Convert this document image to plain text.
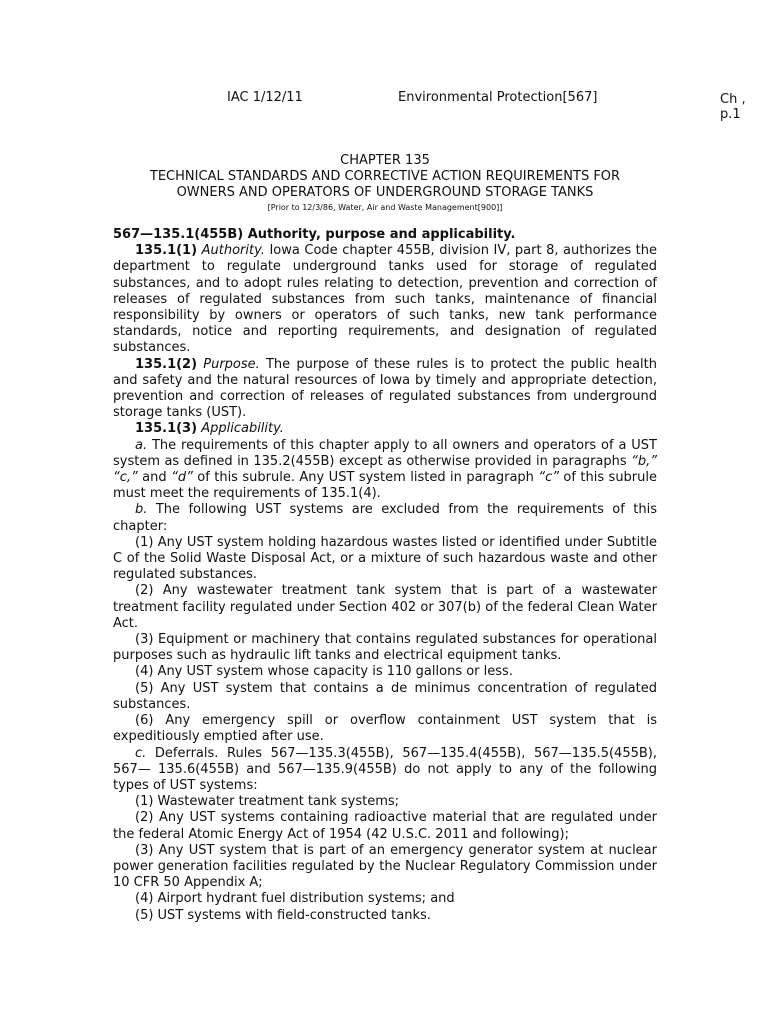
IAC 1/12/11	Environmental Protection[567]	Ch , p.1
CHAPTER 135
TECHNICAL STANDARDS AND CORRECTIVE ACTION REQUIREMENTS FOR
OWNERS AND OPERATORS OF UNDERGROUND STORAGE TANKS
[Prior to 12/3/86, Water, Air and Waste Management[900]]

567—135.1(455B) Authority, purpose and applicability.

135.1(1) Authority. Iowa Code chapter 455B, division IV, part 8, authorizes the department to regulate underground tanks used for storage of regulated substances, and to adopt rules relating to detection, prevention and correction of releases of regulated substances from such tanks, maintenance of financial responsibility by owners or operators of such tanks, new tank performance standards, notice and reporting requirements, and designation of regulated substances.

135.1(2) Purpose. The purpose of these rules is to protect the public health and safety and the natural resources of Iowa by timely and appropriate detection, prevention and correction of releases of regulated substances from underground storage tanks (UST).

135.1(3) Applicability.

a. The requirements of this chapter apply to all owners and operators of a UST system as defined in 135.2(455B) except as otherwise provided in paragraphs “b,” “c,” and “d” of this subrule. Any UST system listed in paragraph “c” of this subrule must meet the requirements of 135.1(4).

b. The following UST systems are excluded from the requirements of this chapter:

(1) Any UST system holding hazardous wastes listed or identified under Subtitle C of the Solid Waste Disposal Act, or a mixture of such hazardous waste and other regulated substances.

(2) Any wastewater treatment tank system that is part of a wastewater treatment facility regulated under Section 402 or 307(b) of the federal Clean Water Act.

(3) Equipment or machinery that contains regulated substances for operational purposes such as hydraulic lift tanks and electrical equipment tanks.

(4) Any UST system whose capacity is 110 gallons or less.

(5) Any UST system that contains a de minimus concentration of regulated substances.

(6) Any emergency spill or overflow containment UST system that is expeditiously emptied after use.

c. Deferrals. Rules 567—135.3(455B), 567—135.4(455B), 567—135.5(455B), 567— 135.6(455B) and 567—135.9(455B) do not apply to any of the following types of UST systems:

(1) Wastewater treatment tank systems;

(2) Any UST systems containing radioactive material that are regulated under the federal Atomic Energy Act of 1954 (42 U.S.C. 2011 and following);

(3) Any UST system that is part of an emergency generator system at nuclear power generation facilities regulated by the Nuclear Regulatory Commission under 10 CFR 50 Appendix A;

(4) Airport hydrant fuel distribution systems; and

(5) UST systems with field-constructed tanks.
